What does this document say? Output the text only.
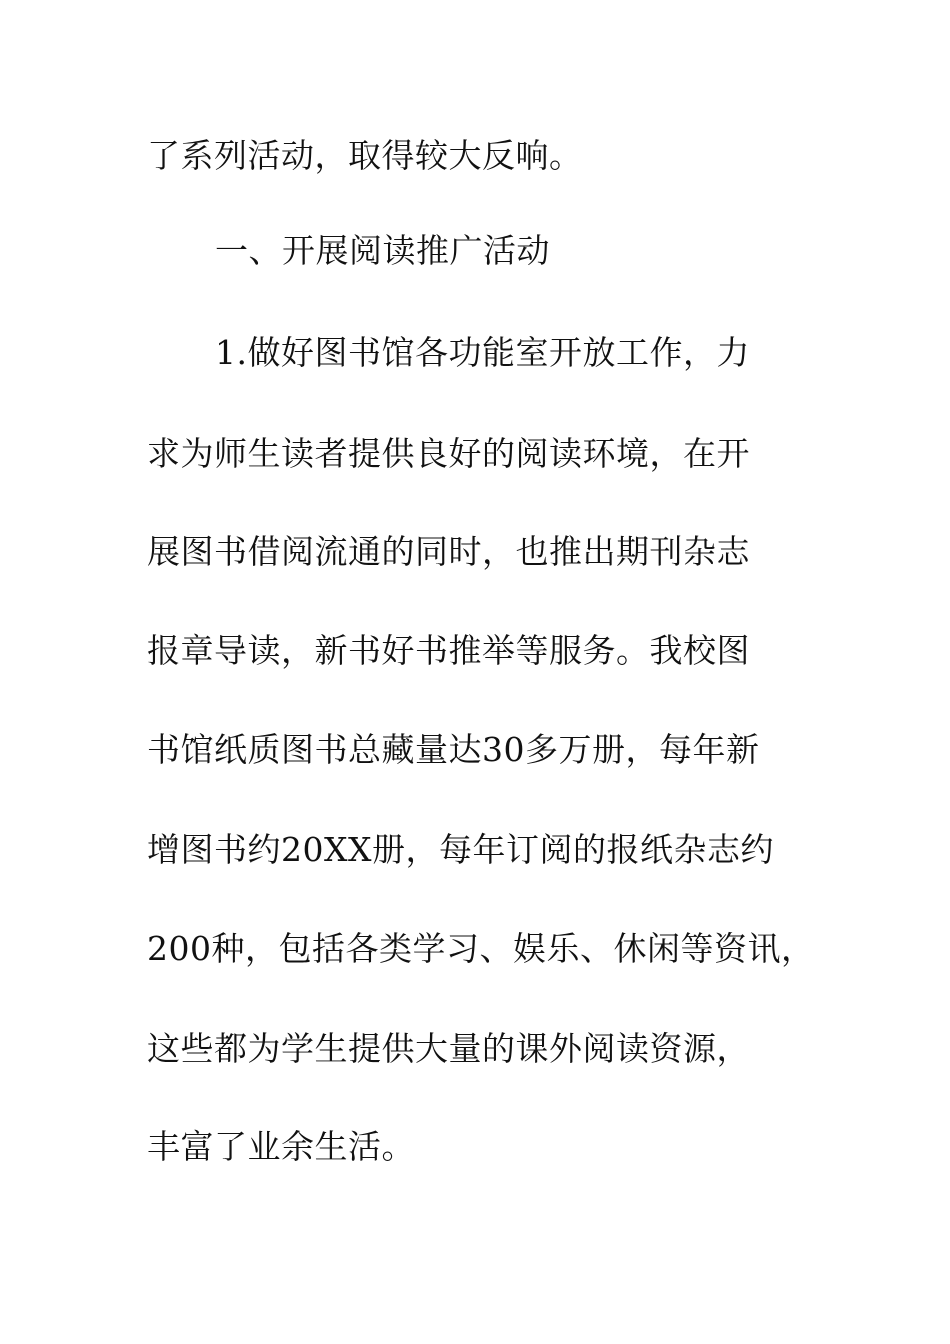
了系列活动，取得较大反响。
一、开展阅读推广活动
1.做好图书馆各功能室开放工作，力
求为师生读者提供良好的阅读环境，在开
展图书借阅流通的同时，也推出期刊杂志
报章导读，新书好书推举等服务。我校图
书馆纸质图书总藏量达30多万册，每年新
增图书约20XX册，每年订阅的报纸杂志约
200种，包括各类学习、娱乐、休闲等资讯，
这些都为学生提供大量的课外阅读资源，
丰富了业余生活。
